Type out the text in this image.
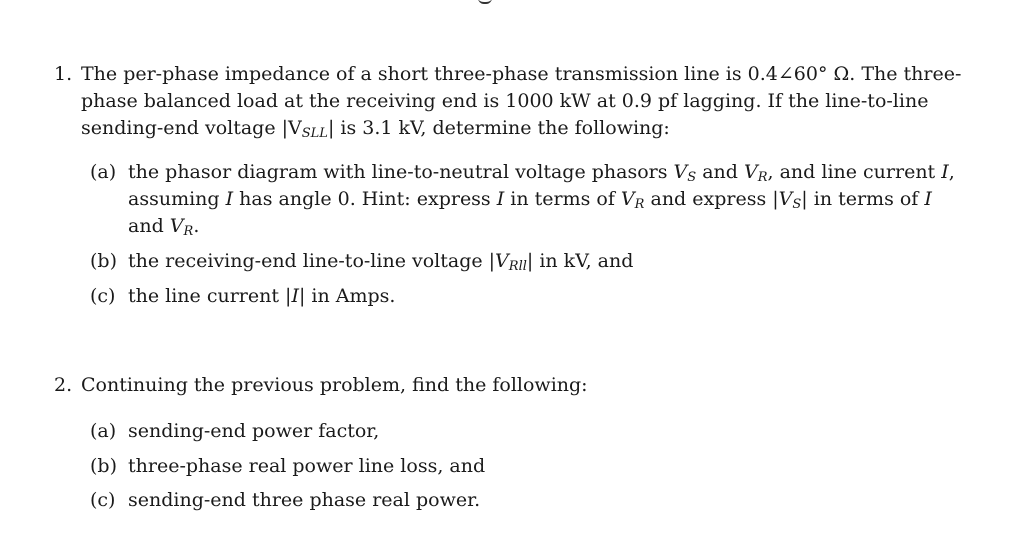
1. The per-phase impedance of a short three-phase transmission line is 0.4∠60° Ω. The three-

phase balanced load at the receiving end is 1000 kW at 0.9 pf lagging. If the line-to-line

sending-end voltage $|V_{SLL}|$ is 3.1 kV, determine the following:

(a) the phasor diagram with line-to-neutral voltage phasors $V_S$ and $V_R$, and line current I,
assuming I has angle 0. Hint: express I in terms of $V_R$ and express $|V_S|$ in terms of I
and $V_R$.
(b) the receiving-end line-to-line voltage $|V_{Rll}|$ in kV, and
(c) the line current |I| in Amps.
2. Continuing the previous problem, find the following:

(a) sending-end power factor,
(b) three-phase real power line loss, and
(c) sending-end three phase real power.
